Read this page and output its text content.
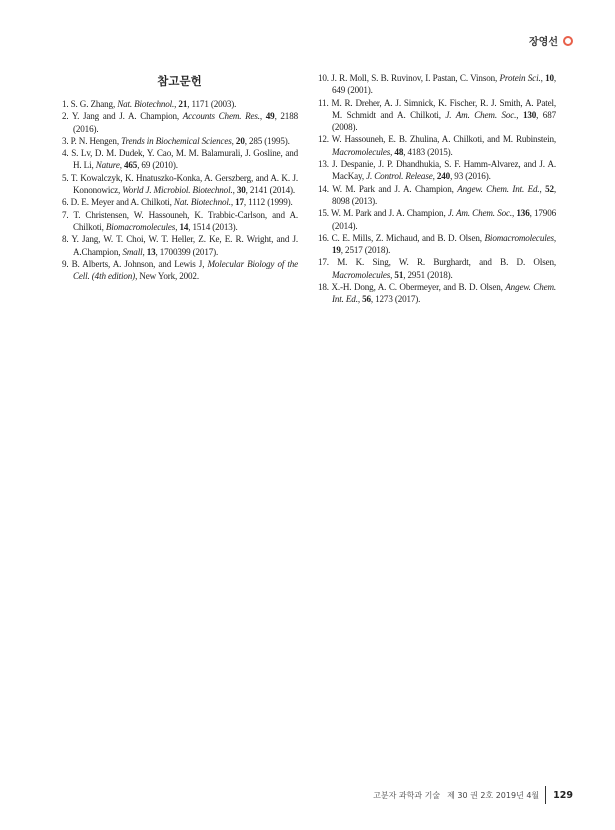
장영선
참고문헌

1. S. G. Zhang, Nat. Biotechnol., 21, 1171 (2003).

2. Y. Jang and J. A. Champion, Accounts Chem. Res., 49, 2188 (2016).

3. P. N. Hengen, Trends in Biochemical Sciences, 20, 285 (1995).

4. S. Lv, D. M. Dudek, Y. Cao, M. M. Balamurali, J. Gosline, and H. Li, Nature, 465, 69 (2010).

5. T. Kowalczyk, K. Hnatuszko-Konka, A. Gerszberg, and A. K. J. Kononowicz, World J. Microbiol. Biotechnol., 30, 2141 (2014).

6. D. E. Meyer and A. Chilkoti, Nat. Biotechnol., 17, 1112 (1999).

7. T. Christensen, W. Hassouneh, K. Trabbic-Carlson, and A. Chilkoti, Biomacromolecules, 14, 1514 (2013).

8. Y. Jang, W. T. Choi, W. T. Heller, Z. Ke, E. R. Wright, and J. A.Champion, Small, 13, 1700399 (2017).

9. B. Alberts, A. Johnson, and Lewis J, Molecular Biology of the Cell. (4th edition), New York, 2002.

10. J. R. Moll, S. B. Ruvinov, I. Pastan, C. Vinson, Protein Sci., 10, 649 (2001).

11. M. R. Dreher, A. J. Simnick, K. Fischer, R. J. Smith, A. Patel, M. Schmidt and A. Chilkoti, J. Am. Chem. Soc., 130, 687 (2008).

12. W. Hassouneh, E. B. Zhulina, A. Chilkoti, and M. Rubinstein, Macromolecules, 48, 4183 (2015).

13. J. Despanie, J. P. Dhandhukia, S. F. Hamm-Alvarez, and J. A. MacKay, J. Control. Release, 240, 93 (2016).

14. W. M. Park and J. A. Champion, Angew. Chem. Int. Ed., 52, 8098 (2013).

15. W. M. Park and J. A. Champion, J. Am. Chem. Soc., 136, 17906 (2014).

16. C. E. Mills, Z. Michaud, and B. D. Olsen, Biomacromolecules, 19, 2517 (2018).

17. M. K. Sing, W. R. Burghardt, and B. D. Olsen, Macromolecules, 51, 2951 (2018).

18. X.-H. Dong, A. C. Obermeyer, and B. D. Olsen, Angew. Chem. Int. Ed., 56, 1273 (2017).

고분자 과학과 기술 제 30 권 2호 2019년 4월 129
